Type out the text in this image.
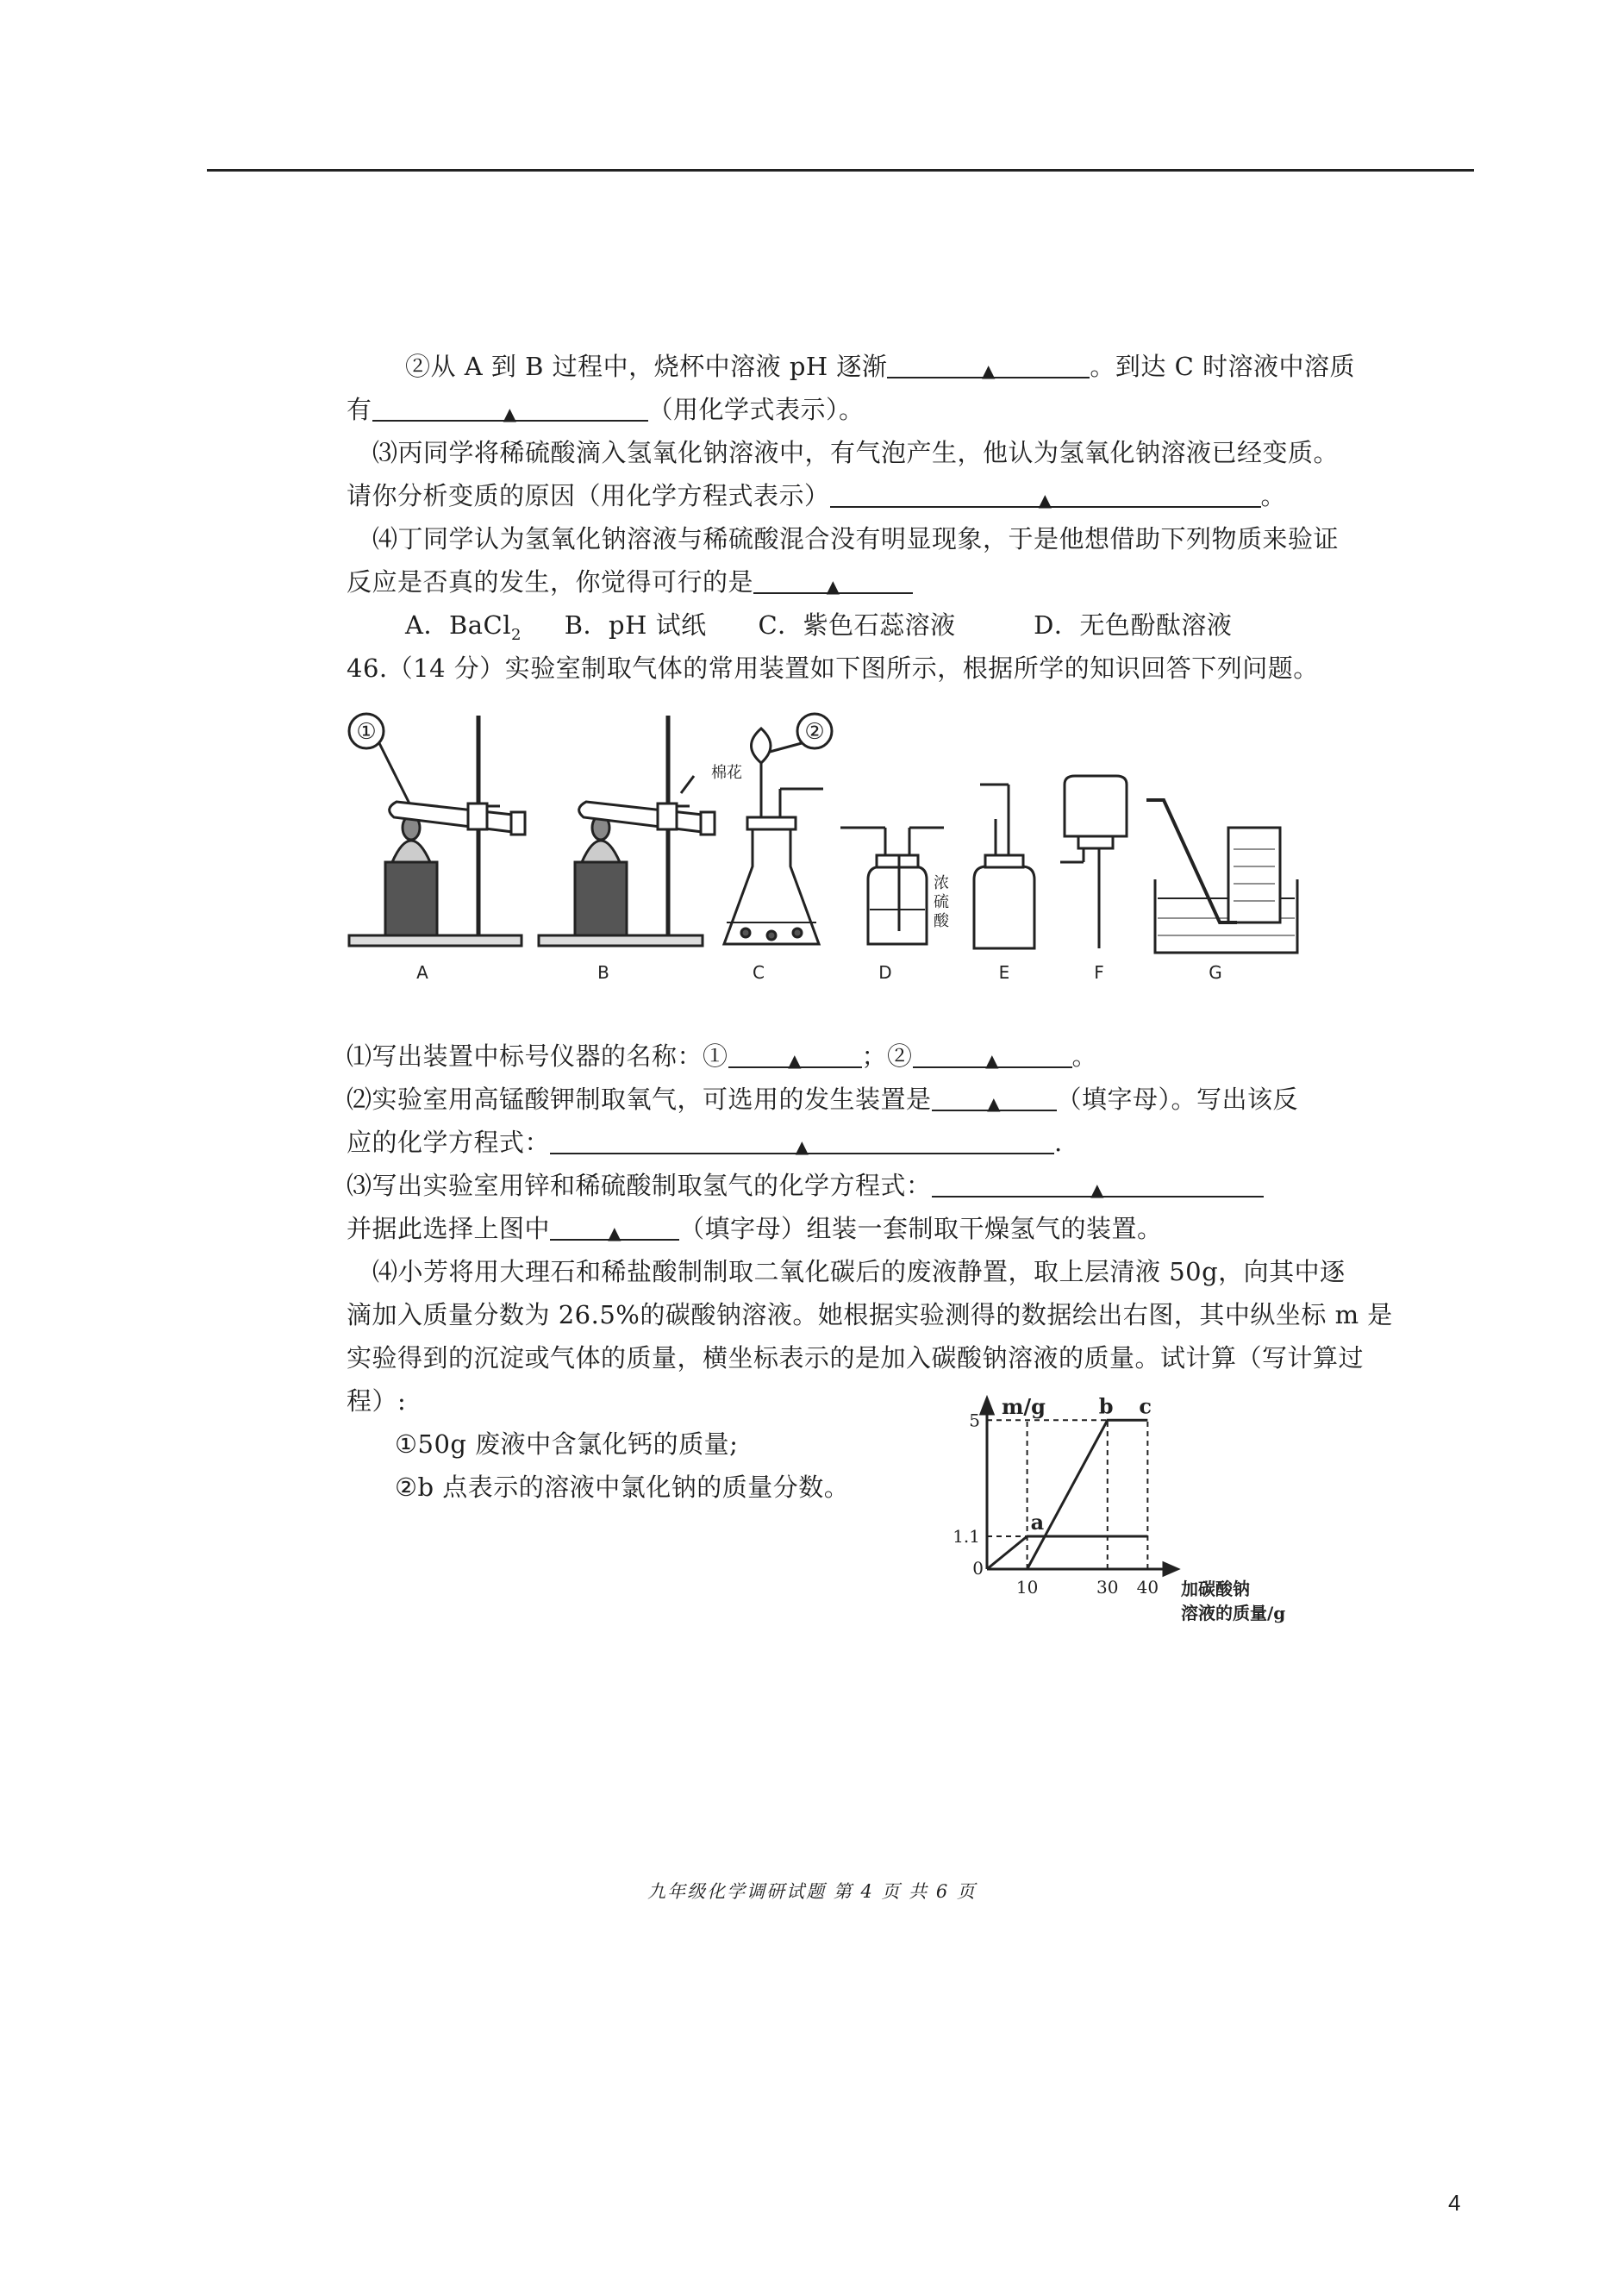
②从 A 到 B 过程中，烧杯中溶液 pH 逐渐	▲	。到达 C 时溶液中溶质
有	▲	（用化学式表示）。
⑶丙同学将稀硫酸滴入氢氧化钠溶液中，有气泡产生，他认为氢氧化钠溶液已经变质。
请你分析变质的原因（用化学方程式表示）	▲	。
⑷丁同学认为氢氧化钠溶液与稀硫酸混合没有明显现象，于是他想借助下列物质来验证
反应是否真的发生，你觉得可行的是	▲
A．BaCl$_2$ B．pH 试纸 C．紫色石蕊溶液	D．无色酚酞溶液
46.（14 分）实验室制取气体的常用装置如下图所示，根据所学的知识回答下列问题。
①	②
棉花
浓
硫
酸
A	B	C	D	E	F	G
⑴写出装置中标号仪器的名称：①	▲ ；②	▲	。
⑵实验室用高锰酸钾制取氧气，可选用的发生装置是	▲ （填字母）。写出该反
应的化学方程式：	▲	.
⑶写出实验室用锌和稀硫酸制取氢气的化学方程式：	▲
并据此选择上图中	▲ （填字母）组装一套制取干燥氢气的装置。
⑷小芳将用大理石和稀盐酸制制取二氧化碳后的废液静置，取上层清液 50g，向其中逐
滴加入质量分数为 26.5%的碳酸钠溶液。她根据实验测得的数据绘出右图，其中纵坐标 m 是
实验得到的沉淀或气体的质量，横坐标表示的是加入碳酸钠溶液的质量。试计算（写计算过
程）:
①50g 废液中含氯化钙的质量;
②b 点表示的溶液中氯化钠的质量分数。
1.1
5
10	30 40
0
a
b c
m/g
加碳酸钠
溶液的质量/g
九年级化学调研试题 第 4 页 共 6 页
4
